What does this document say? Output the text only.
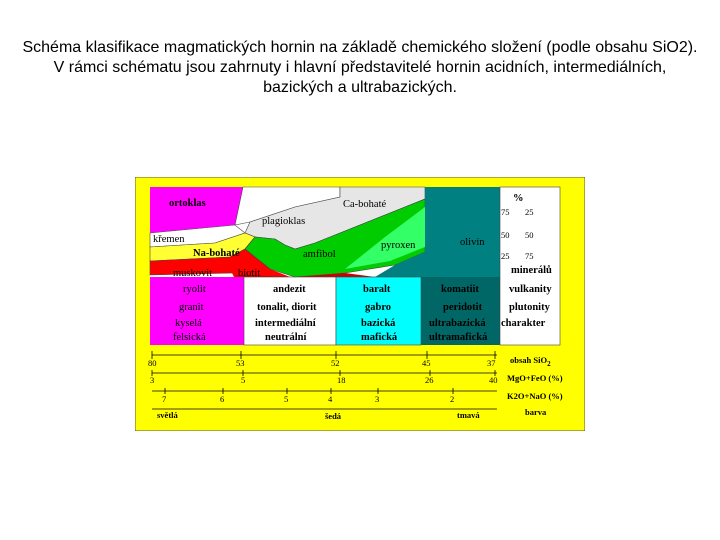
Schéma klasifikace magmatických hornin na základě chemického složení (podle obsahu SiO2). V rámci schématu jsou zahrnuty i hlavní představitelé hornin acidních, intermediálních, bazických a ultrabazických.
%
75 25
50 50
25 75
minerálů
ortoklas
křemen
plagioklas
Ca-bohaté
Na-bohaté	amfibol
pyroxen	olivín
muskovit biotit
ryolit	andezit	baralt	komatiit	vulkanity
granit	tonalit, diorit	gabro	peridotit	plutonity
kyselá	intermediální	bazická	ultrabazická charakter
felsická	neutrální	mafická	ultramafická
80	53	52	45	37 obsah SiO$_2$
3	5	18	26	40 MgO+FeO (%)
7	6	5	4	3	2	K2O+NaO (%)
světlá	šedá	tmavá	barva
